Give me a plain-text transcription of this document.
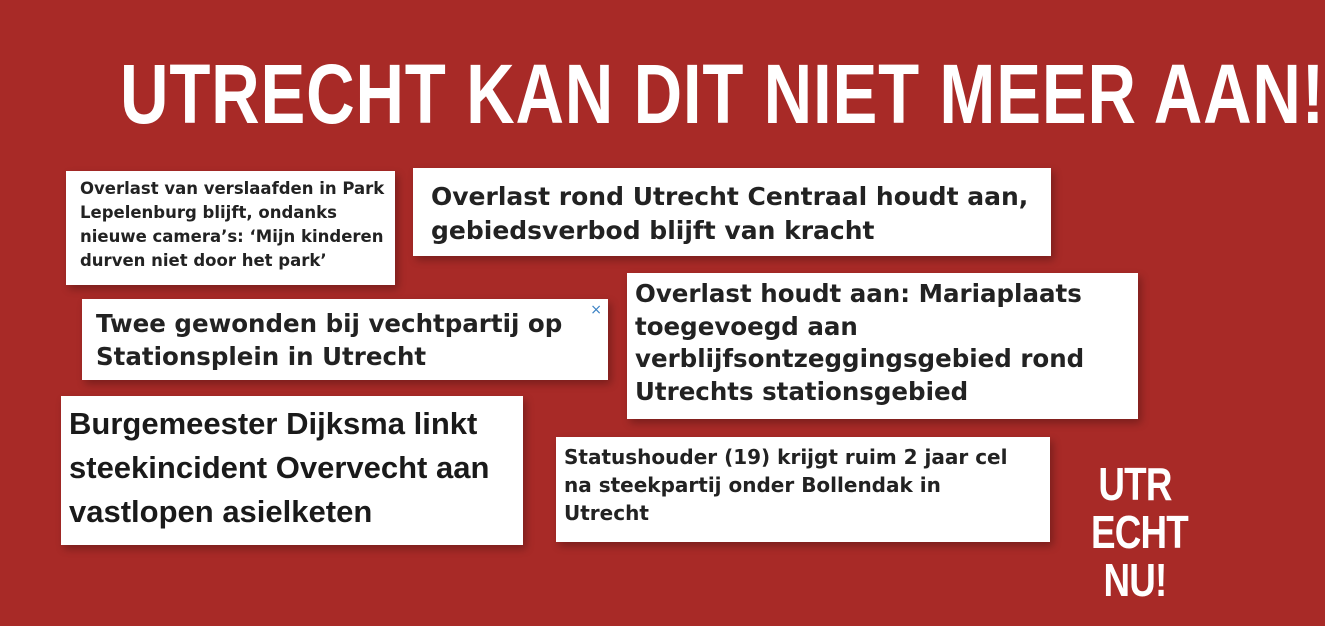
UTRECHT KAN DIT NIET MEER AAN!
Overlast van verslaafden in Park
Lepelenburg blijft, ondanks
nieuwe camera’s: ‘Mijn kinderen
durven niet door het park’
Overlast rond Utrecht Centraal houdt aan,
gebiedsverbod blijft van kracht
×
Twee gewonden bij vechtpartij op
Stationsplein in Utrecht
Overlast houdt aan: Mariaplaats
toegevoegd aan
verblijfsontzeggingsgebied rond
Utrechts stationsgebied
Burgemeester Dijksma linkt
steekincident Overvecht aan
vastlopen asielketen
Statushouder (19) krijgt ruim 2 jaar cel
na steekpartij onder Bollendak in
Utrecht
UTR
ECHT
NU!
